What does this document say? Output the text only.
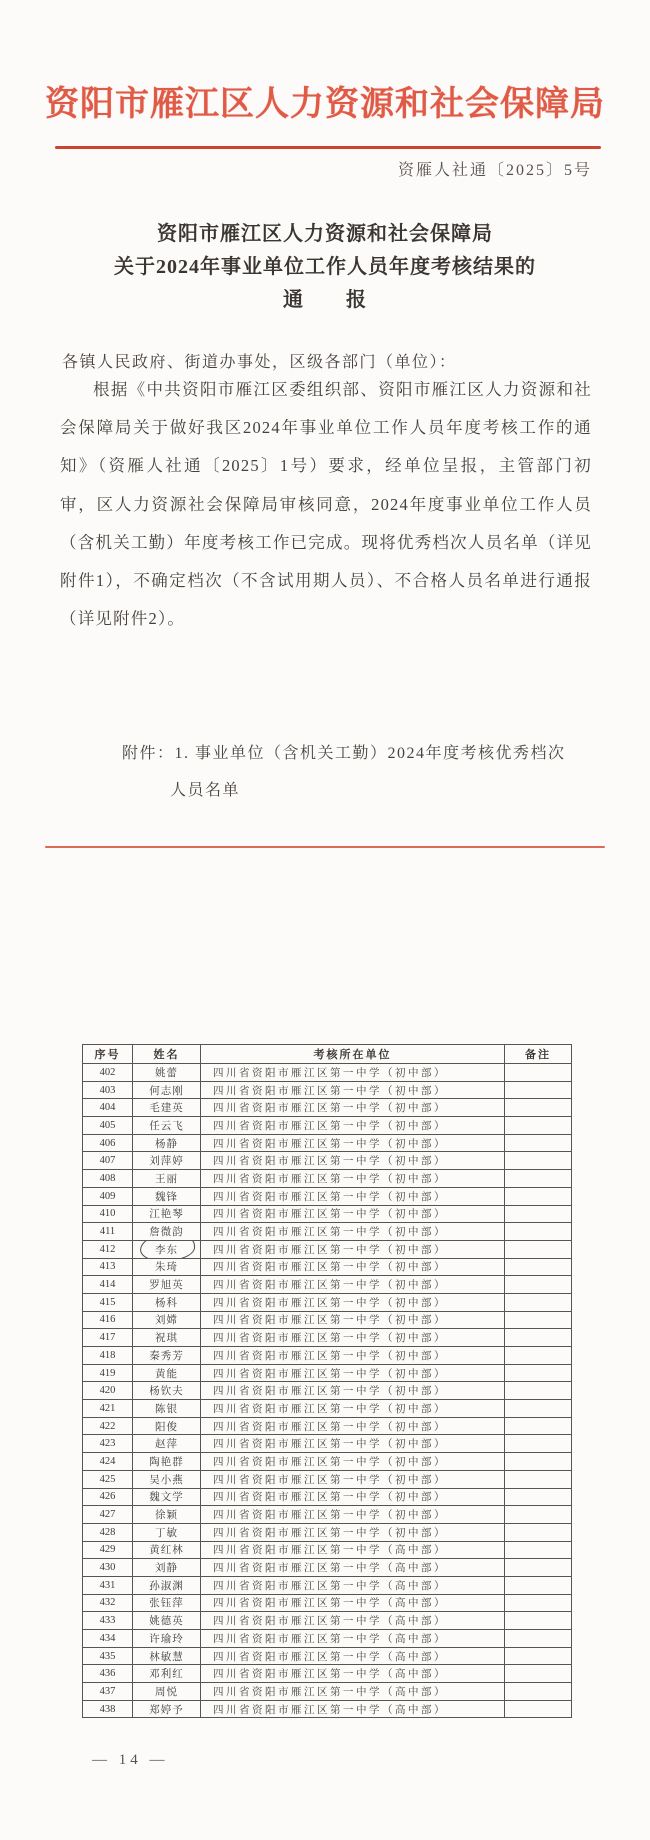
资阳市雁江区人力资源和社会保障局
资雁人社通〔2025〕5号
资阳市雁江区人力资源和社会保障局
关于2024年事业单位工作人员年度考核结果的
通　　报
各镇人民政府、街道办事处，区级各部门（单位）：

根据《中共资阳市雁江区委组织部、资阳市雁江区人力资源和社会保障局关于做好我区2024年事业单位工作人员年度考核工作的通知》（资雁人社通〔2025〕1号）要求，经单位呈报，主管部门初审，区人力资源社会保障局审核同意，2024年度事业单位工作人员（含机关工勤）年度考核工作已完成。现将优秀档次人员名单（详见附件1），不确定档次（不含试用期人员）、不合格人员名单进行通报（详见附件2）。

附件：1. 事业单位（含机关工勤）2024年度考核优秀档次
人员名单
序号	姓名	考核所在单位	备注
402	姚蕾	四川省资阳市雁江区第一中学（初中部）	
403	何志刚	四川省资阳市雁江区第一中学（初中部）	
404	毛建英	四川省资阳市雁江区第一中学（初中部）	
405	任云飞	四川省资阳市雁江区第一中学（初中部）	
406	杨静	四川省资阳市雁江区第一中学（初中部）	
407	刘萍婷	四川省资阳市雁江区第一中学（初中部）	
408	王丽	四川省资阳市雁江区第一中学（初中部）	
409	魏锋	四川省资阳市雁江区第一中学（初中部）	
410	江艳琴	四川省资阳市雁江区第一中学（初中部）	
411	詹微韵	四川省资阳市雁江区第一中学（初中部）	
412	李东	四川省资阳市雁江区第一中学（初中部）	
413	朱琦	四川省资阳市雁江区第一中学（初中部）	
414	罗旭英	四川省资阳市雁江区第一中学（初中部）	
415	杨科	四川省资阳市雁江区第一中学（初中部）	
416	刘嫦	四川省资阳市雁江区第一中学（初中部）	
417	祝琪	四川省资阳市雁江区第一中学（初中部）	
418	秦秀芳	四川省资阳市雁江区第一中学（初中部）	
419	黄能	四川省资阳市雁江区第一中学（初中部）	
420	杨钦夫	四川省资阳市雁江区第一中学（初中部）	
421	陈银	四川省资阳市雁江区第一中学（初中部）	
422	阳俊	四川省资阳市雁江区第一中学（初中部）	
423	赵萍	四川省资阳市雁江区第一中学（初中部）	
424	陶艳群	四川省资阳市雁江区第一中学（初中部）	
425	吴小燕	四川省资阳市雁江区第一中学（初中部）	
426	魏文学	四川省资阳市雁江区第一中学（初中部）	
427	徐颖	四川省资阳市雁江区第一中学（初中部）	
428	丁敏	四川省资阳市雁江区第一中学（初中部）	
429	黄红林	四川省资阳市雁江区第一中学（高中部）	
430	刘静	四川省资阳市雁江区第一中学（高中部）	
431	孙淑渊	四川省资阳市雁江区第一中学（高中部）	
432	张钰萍	四川省资阳市雁江区第一中学（高中部）	
433	姚德英	四川省资阳市雁江区第一中学（高中部）	
434	许瑜玲	四川省资阳市雁江区第一中学（高中部）	
435	林敏慧	四川省资阳市雁江区第一中学（高中部）	
436	邓利红	四川省资阳市雁江区第一中学（高中部）	
437	周悦	四川省资阳市雁江区第一中学（高中部）	
438	郑婷予	四川省资阳市雁江区第一中学（高中部）	
— 14 —
